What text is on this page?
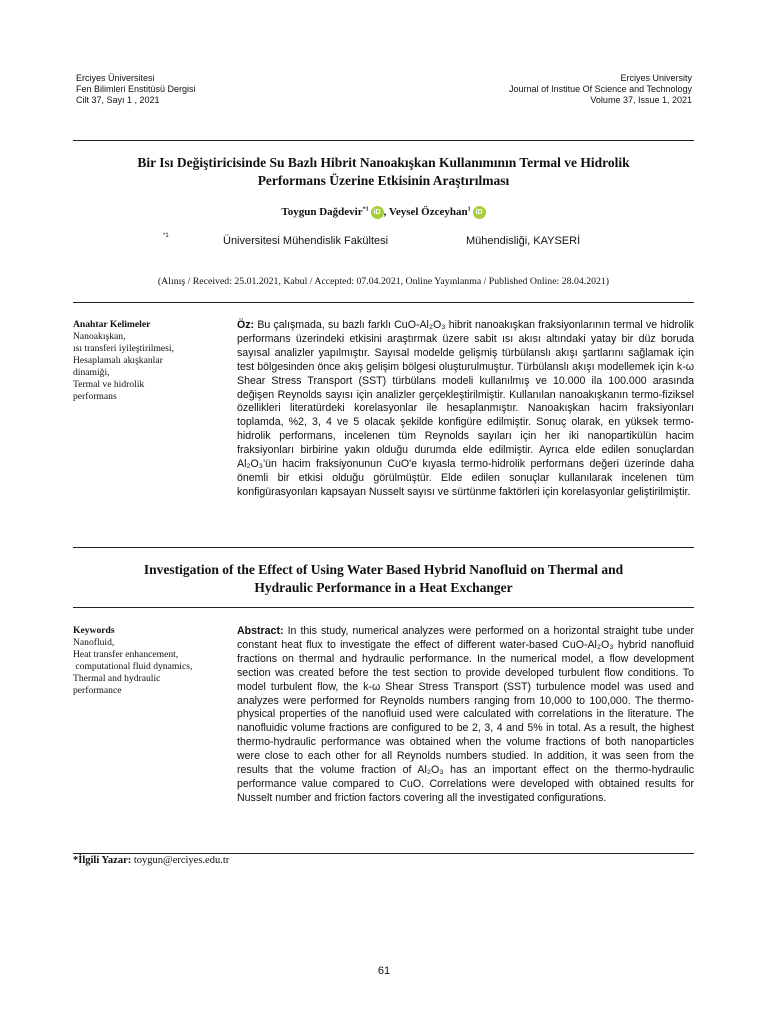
Erciyes Üniversitesi
Fen Bilimleri Enstitüsü Dergisi
Cilt 37, Sayı 1 , 2021
Erciyes University
Journal of Institue Of Science and Technology
Volume 37, Issue 1, 2021
Bir Isı Değiştiricisinde Su Bazlı Hibrit Nanoakışkan Kullanımının Termal ve Hidrolik
Performans Üzerine Etkisinin Araştırılması
Toygun Dağdevir$^{*1}$ iD , Veysel Özceyhan$^1$ iD
*1	Üniversitesi Mühendislik Fakültesi	Mühendisliği, KAYSERİ
(Alınış / Received: 25.01.2021, Kabul / Accepted: 07.04.2021, Online Yayınlanma / Published Online: 28.04.2021)
Anahtar Kelimeler
Nanoakışkan,
ısı transferi iyileştirilmesi,
Hesaplamalı akışkanlar
dinamiği,
Termal ve hidrolik
performans
Öz: Bu çalışmada, su bazlı farklı CuO-Al₂O₃ hibrit nanoakışkan fraksiyonlarının termal ve hidrolik performans üzerindeki etkisini araştırmak üzere sabit ısı akısı altındaki yatay bir düz boruda sayısal analizler yapılmıştır. Sayısal modelde gelişmiş türbülanslı akışı şartlarını sağlamak için test bölgesinden önce akış gelişim bölgesi oluşturulmuştur. Türbülanslı akışı modellemek için k-ω Shear Stress Transport (SST) türbülans modeli kullanılmış ve 10.000 ila 100.000 arasında değişen Reynolds sayısı için analizler gerçekleştirilmiştir. Kullanılan nanoakışkanın termo-fiziksel özellikleri literatürdeki korelasyonlar ile hesaplanmıştır. Nanoakışkan hacim fraksiyonları toplamda, %2, 3, 4 ve 5 olacak şekilde konfigüre edilmiştir. Sonuç olarak, en yüksek termo-hidrolik performans, incelenen tüm Reynolds sayıları için her iki nanopartikülün hacim fraksiyonları birbirine yakın olduğu durumda elde edilmiştir. Ayrıca elde edilen sonuçlardan Al₂O₃'ün hacim fraksiyonunun CuO'e kıyasla termo-hidrolik performans değeri üzerinde daha önemli bir etkisi olduğu görülmüştür. Elde edilen sonuçlar kullanılarak incelenen tüm konfigürasyonları kapsayan Nusselt sayısı ve sürtünme faktörleri için korelasyonlar geliştirilmiştir.
Investigation of the Effect of Using Water Based Hybrid Nanofluid on Thermal and
Hydraulic Performance in a Heat Exchanger
Keywords
Nanofluid,
Heat transfer enhancement,
computational fluid dynamics,
Thermal and hydraulic
performance
Abstract: In this study, numerical analyzes were performed on a horizontal straight tube under constant heat flux to investigate the effect of different water-based CuO-Al₂O₃ hybrid nanofluid fractions on thermal and hydraulic performance. In the numerical model, a flow development section was created before the test section to provide developed turbulent flow conditions. To model turbulent flow, the k-ω Shear Stress Transport (SST) turbulence model was used and analyzes were performed for Reynolds numbers ranging from 10,000 to 100,000. The thermo-physical properties of the nanofluid used were calculated with correlations in the literature. The nanofluidic volume fractions are configured to be 2, 3, 4 and 5% in total. As a result, the highest thermo-hydraulic performance was obtained when the volume fractions of both nanoparticles were close to each other for all Reynolds numbers studied. In addition, it was seen from the results that the volume fraction of Al₂O₃ has an important effect on the thermo-hydraulic performance value compared to CuO. Correlations were developed with obtained results for Nusselt number and friction factors covering all the investigated configurations.
*İlgili Yazar: toygun@erciyes.edu.tr
61
